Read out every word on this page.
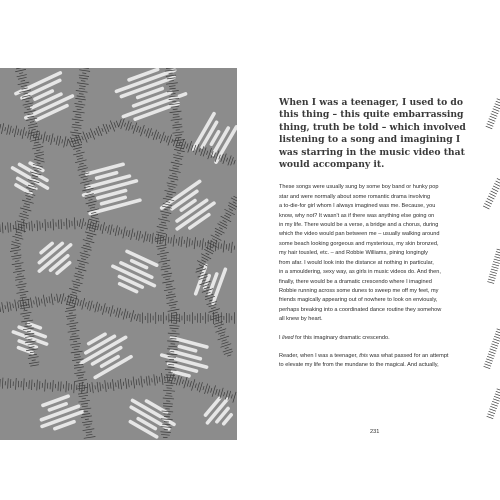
When I was a teenager, I used to do
this thing – this quite embarrassing
thing, truth be told – which involved
listening to a song and imagining I
was starring in the music video that
would accompany it.

These songs were usually sung by some boy band or hunky pop
star and were normally about some romantic drama involving
a to-die-for girl whom I always imagined was me. Because, you
know, why not? It wasn't as if there was anything else going on
in my life. There would be a verse, a bridge and a chorus, during
which the video would pan between me – usually walking around
some beach looking gorgeous and mysterious, my skin bronzed,
my hair tousled, etc. – and Robbie Williams, pining longingly
from afar. I would look into the distance at nothing in particular,
in a smouldering, sexy way, as girls in music videos do. And then,
finally, there would be a dramatic crescendo where I imagined
Robbie running across some dunes to sweep me off my feet, my
friends magically appearing out of nowhere to look on enviously,
perhaps breaking into a coordinated dance routine they somehow
all knew by heart.

I lived for this imaginary dramatic crescendo.

Reader, when I was a teenager, this was what passed for an attempt
to elevate my life from the mundane to the magical. And actually,

231
